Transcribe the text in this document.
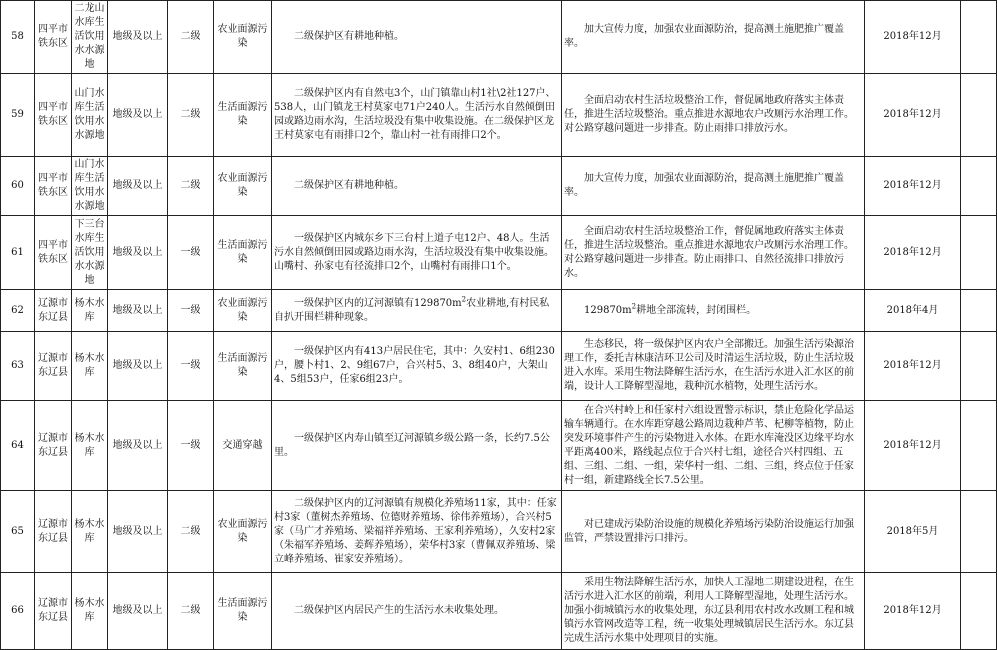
58	四平市铁东区	二龙山水库生活饮用水水源地	地级及以上	二级	农业面源污染	二级保护区有耕地种植。	加大宣传力度，加强农业面源防治，提高测土施肥推广覆盖率。	2018年12月	
59	四平市铁东区	山门水库生活饮用水水源地	地级及以上	二级	生活面源污染	二级保护区内有自然屯3个，山门镇靠山村1社\2社127户、538人，山门镇龙王村莫家屯71户240人。生活污水自然倾倒田园或路边雨水沟，生活垃圾没有集中收集设施。在二级保护区龙王村莫家屯有雨排口2个，靠山村一社有雨排口2个。	全面启动农村生活垃圾整治工作，督促属地政府落实主体责任，推进生活垃圾整治。重点推进水源地农户改厕污水治理工作。对公路穿越问题进一步排查。防止雨排口排放污水。	2018年12月	
60	四平市铁东区	山门水库生活饮用水水源地	地级及以上	二级	农业面源污染	二级保护区有耕地种植。	加大宣传力度，加强农业面源防治，提高测土施肥推广覆盖率。	2018年12月	
61	四平市铁东区	下三台水库生活饮用水水源地	地级及以上	一级	生活面源污染	一级保护区内城东乡下三台村上道子屯12户、48人。生活污水自然倾倒田园或路边雨水沟，生活垃圾没有集中收集设施。山嘴村、孙家屯有径流排口2个，山嘴村有雨排口1个。	全面启动农村生活垃圾整治工作，督促属地政府落实主体责任，推进生活垃圾整治。重点推进水源地农户改厕污水治理工作。对公路穿越问题进一步排查。防止雨排口、自然径流排口排放污水。	2018年12月	
62	辽源市东辽县	杨木水库	地级及以上	一级	农业面源污染	一级保护区内的辽河源镇有$129870m^2$农业耕地,有村民私自扒开围栏耕种现象。	$129870m^2$耕地全部流转，封闭围栏。	2018年4月	
63	辽源市东辽县	杨木水库	地级及以上	一级	生活面源污染	一级保护区内有413户居民住宅，其中：久安村1、6组230户，腰卜村1、2、9组67户，合兴村5、3、8组40户，大架山4、5组53户，任家6组23户。	生态移民，将一级保护区内农户全部搬迁。加强生活污染源治理工作，委托吉林康洁环卫公司及时清运生活垃圾，防止生活垃圾进入水库。采用生物法降解生活污水，在生活污水进入汇水区的前端，设计人工降解型湿地，栽种沉水植物，处理生活污水。	2018年12月	
64	辽源市东辽县	杨木水库	地级及以上	一级	交通穿越	一级保护区内寿山镇至辽河源镇乡级公路一条，长约7.5公里。	在合兴村岭上和任家村六组设置警示标识，禁止危险化学品运输车辆通行。在水库距穿越公路周边栽种芦苇、杞柳等植物，防止突发环境事件产生的污染物进入水体。在距水库淹没区边缘平均水平距离400米，路线起点位于合兴村七组，途径合兴村四组、五组、三组、二组、一组，荣华村一组、二组、三组，终点位于任家村一组，新建路线全长7.5公里。	2018年12月	
65	辽源市东辽县	杨木水库	地级及以上	二级	农业面源污染	二级保护区内的辽河源镇有规模化养殖场11家，其中：任家村3家（董树杰养殖场、位德财养殖场、徐伟养殖场），合兴村5家（马广才养殖场、梁福祥养殖场、王家利养殖场），久安村2家（朱福军养殖场、姜辉养殖场），荣华村3家（曹佩双养殖场、梁立峰养殖场、崔家安养殖场）。	对已建成污染防治设施的规模化养殖场污染防治设施运行加强监管，严禁设置排污口排污。	2018年5月	
66	辽源市东辽县	杨木水库	地级及以上	二级	生活面源污染	二级保护区内居民产生的生活污水未收集处理。	采用生物法降解生活污水，加快人工湿地二期建设进程，在生活污水进入汇水区的前端，利用人工降解型湿地，处理生活污水。加强小街城镇污水的收集处理，东辽县利用农村改水改厕工程和城镇污水管网改造等工程，统一收集处理城镇居民生活污水。东辽县完成生活污水集中处理项目的实施。	2018年12月	
